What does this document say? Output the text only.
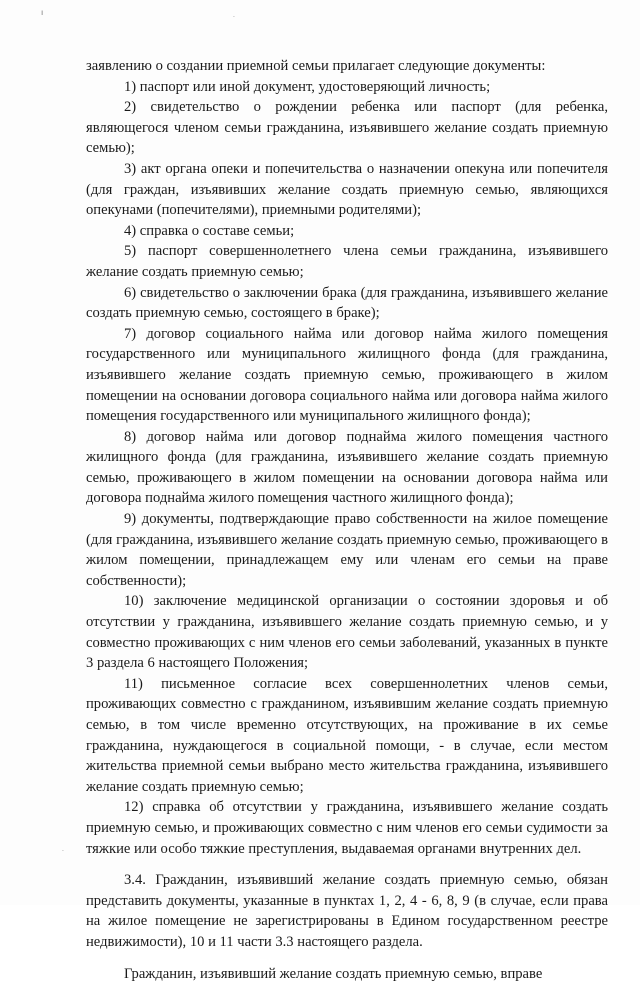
ı
·
·

заявлению о создании приемной семьи прилагает следующие документы:

1) паспорт или иной документ, удостоверяющий личность;

2) свидетельство о рождении ребенка или паспорт (для ребенка, являющегося членом семьи гражданина, изъявившего желание создать приемную семью);

3) акт органа опеки и попечительства о назначении опекуна или попечителя (для граждан, изъявивших желание создать приемную семью, являющихся опекунами (попечителями), приемными родителями);

4) справка о составе семьи;

5) паспорт совершеннолетнего члена семьи гражданина, изъявившего желание создать приемную семью;

6) свидетельство о заключении брака (для гражданина, изъявившего желание создать приемную семью, состоящего в браке);

7) договор социального найма или договор найма жилого помещения государственного или муниципального жилищного фонда (для гражданина, изъявившего желание создать приемную семью, проживающего в жилом помещении на основании договора социального найма или договора найма жилого помещения государственного или муниципального жилищного фонда);

8) договор найма или договор поднайма жилого помещения частного жилищного фонда (для гражданина, изъявившего желание создать приемную семью, проживающего в жилом помещении на основании договора найма или договора поднайма жилого помещения частного жилищного фонда);

9) документы, подтверждающие право собственности на жилое помещение (для гражданина, изъявившего желание создать приемную семью, проживающего в жилом помещении, принадлежащем ему или членам его семьи на праве собственности);

10) заключение медицинской организации о состоянии здоровья и об отсутствии у гражданина, изъявившего желание создать приемную семью, и у совместно проживающих с ним членов его семьи заболеваний, указанных в пункте 3 раздела 6 настоящего Положения;

11) письменное согласие всех совершеннолетних членов семьи, проживающих совместно с гражданином, изъявившим желание создать приемную семью, в том числе временно отсутствующих, на проживание в их семье гражданина, нуждающегося в социальной помощи, - в случае, если местом жительства приемной семьи выбрано место жительства гражданина, изъявившего желание создать приемную семью;

12) справка об отсутствии у гражданина, изъявившего желание создать приемную семью, и проживающих совместно с ним членов его семьи судимости за тяжкие или особо тяжкие преступления, выдаваемая органами внутренних дел.

3.4. Гражданин, изъявивший желание создать приемную семью, обязан представить документы, указанные в пунктах 1, 2, 4 - 6, 8, 9 (в случае, если права на жилое помещение не зарегистрированы в Едином государственном реестре недвижимости), 10 и 11 части 3.3 настоящего раздела.

Гражданин, изъявивший желание создать приемную семью, вправе
